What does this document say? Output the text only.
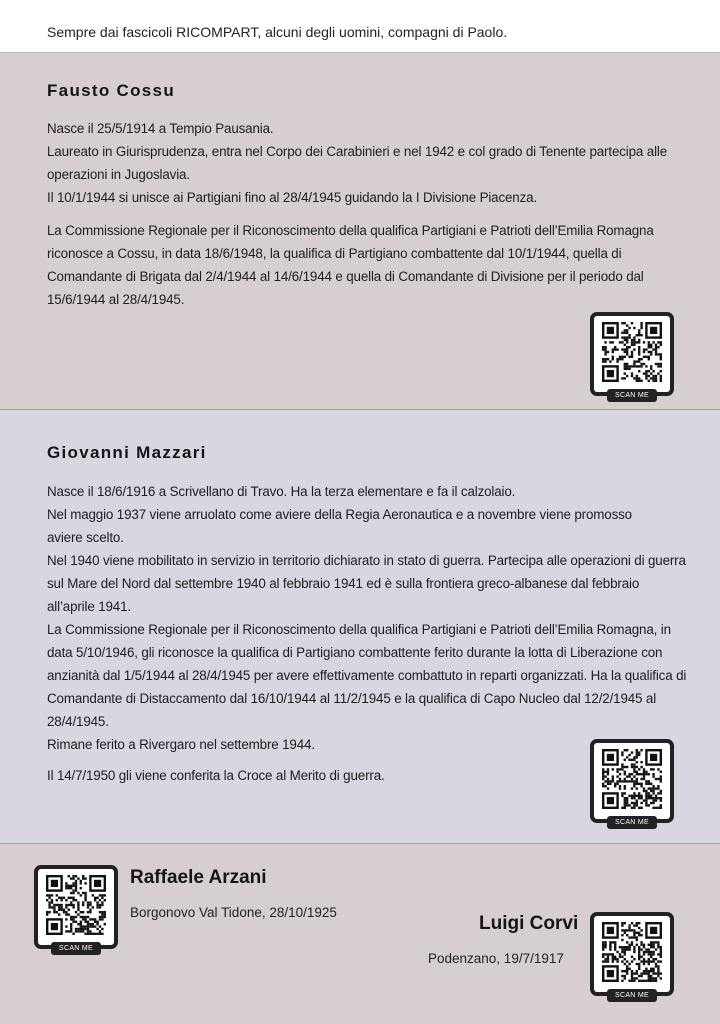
Sempre dai fascicoli RICOMPART, alcuni degli uomini, compagni di Paolo.
Fausto Cossu

Nasce il 25/5/1914 a Tempio Pausania.

Laureato in Giurisprudenza, entra nel Corpo dei Carabinieri e nel 1942 e col grado di Tenente partecipa alle operazioni in Jugoslavia.

Il 10/1/1944 si unisce ai Partigiani fino al 28/4/1945 guidando la I Divisione Piacenza.

La Commissione Regionale per il Riconoscimento della qualifica Partigiani e Patrioti dell’Emilia Romagna riconosce a Cossu, in data 18/6/1948, la qualifica di Partigiano combattente dal 10/1/1944, quella di Comandante di Brigata dal 2/4/1944 al 14/6/1944 e quella di Comandante di Divisione per il periodo dal 15/6/1944 al 28/4/1945.

SCAN ME
Giovanni Mazzari

Nasce il 18/6/1916 a Scrivellano di Travo. Ha la terza elementare e fa il calzolaio.

Nel maggio 1937 viene arruolato come aviere della Regia Aeronautica e a novembre viene promosso aviere scelto.

Nel 1940 viene mobilitato in servizio in territorio dichiarato in stato di guerra. Partecipa alle operazioni di guerra sul Mare del Nord dal settembre 1940 al febbraio 1941 ed è sulla frontiera greco-albanese dal febbraio all’aprile 1941.

La Commissione Regionale per il Riconoscimento della qualifica Partigiani e Patrioti dell’Emilia Romagna, in data 5/10/1946, gli riconosce la qualifica di Partigiano combattente ferito durante la lotta di Liberazione con anzianità dal 1/5/1944 al 28/4/1945 per avere effettivamente combattuto in reparti organizzati. Ha la qualifica di Comandante di Distaccamento dal 16/10/1944 al 11/2/1945 e la qualifica di Capo Nucleo dal 12/2/1945 al 28/4/1945.

Rimane ferito a Rivergaro nel settembre 1944.

Il 14/7/1950 gli viene conferita la Croce al Merito di guerra.

SCAN ME
SCAN ME
Raffaele Arzani
Borgonovo Val Tidone, 28/10/1925
Luigi Corvi
Podenzano, 19/7/1917
SCAN ME
